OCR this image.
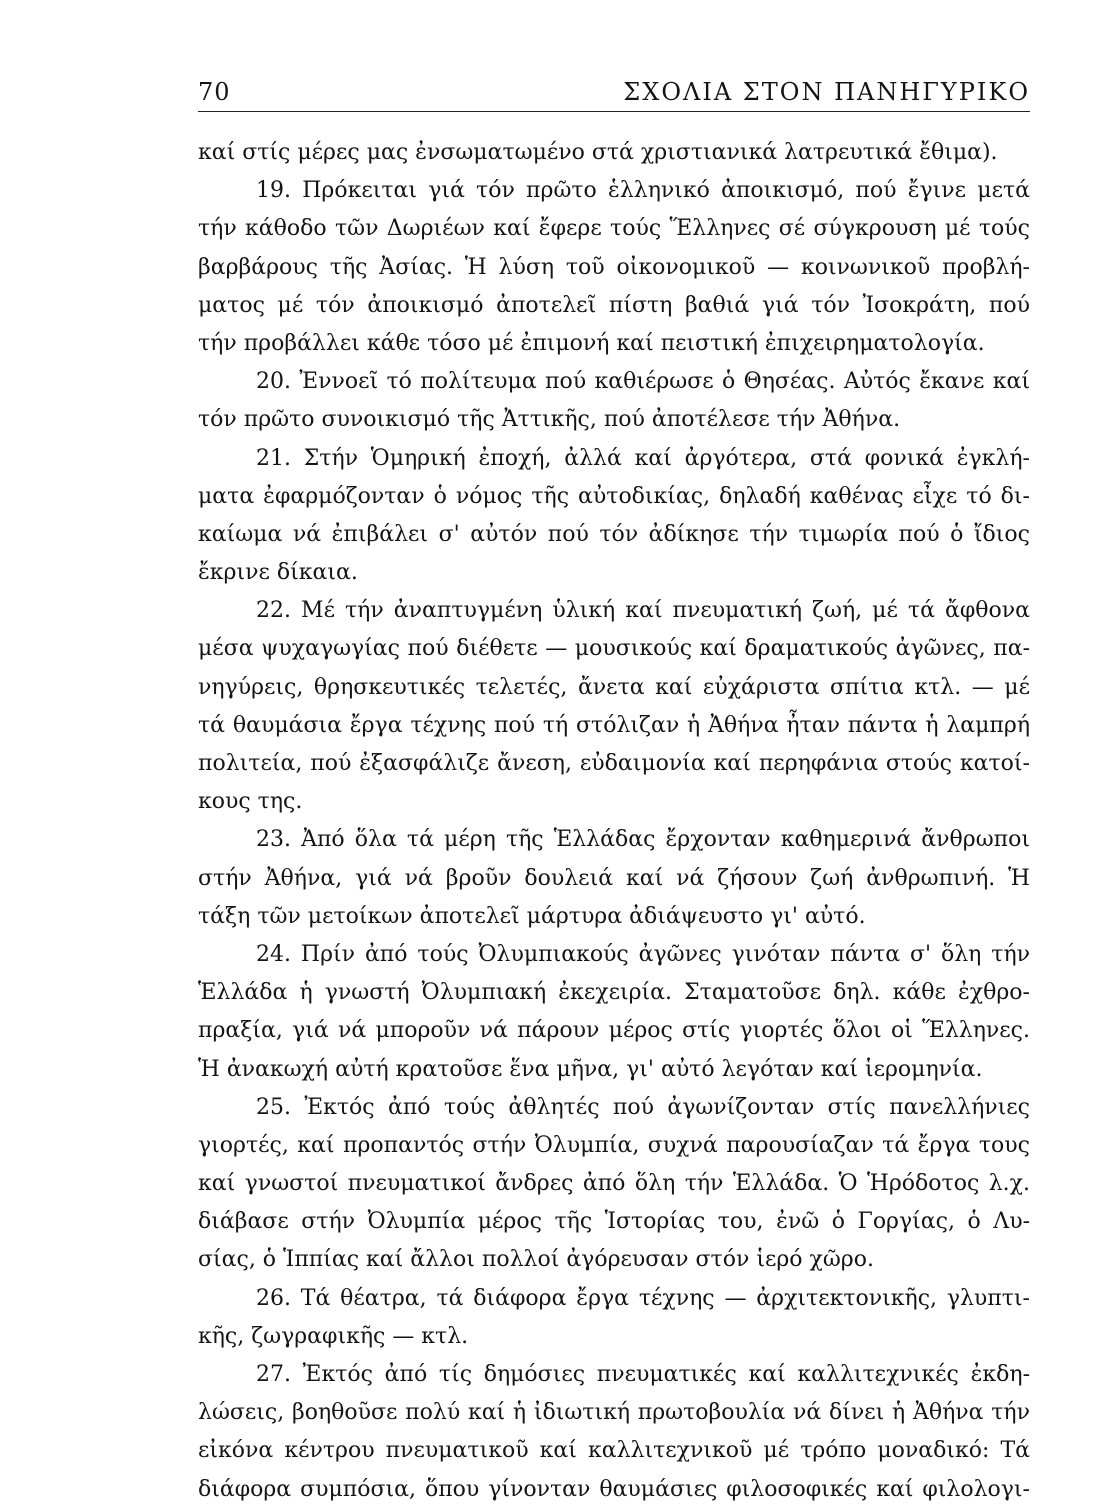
70	ΣΧΟΛΙΑ ΣΤΟΝ ΠΑΝΗΓΥΡΙΚΟ
καί στίς μέρες μας ἐνσωματωμένο στά χριστιανικά λατρευτικά ἔθιμα).
19. Πρόκειται γιά τόν πρῶτο ἑλληνικό ἀποικισμό, πού ἔγινε μετά
τήν κάθοδο τῶν Δωριέων καί ἔφερε τούς Ἕλληνες σέ σύγκρουση μέ τούς
βαρβάρους τῆς Ἀσίας. Ἡ λύση τοῦ οἰκονομικοῦ — κοινωνικοῦ προβλή-
ματος μέ τόν ἀποικισμό ἀποτελεῖ πίστη βαθιά γιά τόν Ἰσοκράτη, πού
τήν προβάλλει κάθε τόσο μέ ἐπιμονή καί πειστική ἐπιχειρηματολογία.
20. Ἐννοεῖ τό πολίτευμα πού καθιέρωσε ὁ Θησέας. Αὐτός ἔκανε καί
τόν πρῶτο συνοικισμό τῆς Ἀττικῆς, πού ἀποτέλεσε τήν Ἀθήνα.
21. Στήν Ὁμηρική ἐποχή, ἀλλά καί ἀργότερα, στά φονικά ἐγκλή-
ματα ἐφαρμόζονταν ὁ νόμος τῆς αὐτοδικίας, δηλαδή καθένας εἶχε τό δι-
καίωμα νά ἐπιβάλει σ' αὐτόν πού τόν ἀδίκησε τήν τιμωρία πού ὁ ἴδιος
ἔκρινε δίκαια.
22. Μέ τήν ἀναπτυγμένη ὑλική καί πνευματική ζωή, μέ τά ἄφθονα
μέσα ψυχαγωγίας πού διέθετε — μουσικούς καί δραματικούς ἀγῶνες, πα-
νηγύρεις, θρησκευτικές τελετές, ἄνετα καί εὐχάριστα σπίτια κτλ. — μέ
τά θαυμάσια ἔργα τέχνης πού τή στόλιζαν ἡ Ἀθήνα ἦταν πάντα ἡ λαμπρή
πολιτεία, πού ἐξασφάλιζε ἄνεση, εὐδαιμονία καί περηφάνια στούς κατοί-
κους της.
23. Ἀπό ὅλα τά μέρη τῆς Ἑλλάδας ἔρχονταν καθημερινά ἄνθρωποι
στήν Ἀθήνα, γιά νά βροῦν δουλειά καί νά ζήσουν ζωή ἀνθρωπινή. Ἡ
τάξη τῶν μετοίκων ἀποτελεῖ μάρτυρα ἀδιάψευστο γι' αὐτό.
24. Πρίν ἀπό τούς Ὀλυμπιακούς ἀγῶνες γινόταν πάντα σ' ὅλη τήν
Ἑλλάδα ἡ γνωστή Ὀλυμπιακή ἐκεχειρία. Σταματοῦσε δηλ. κάθε ἐχθρο-
πραξία, γιά νά μποροῦν νά πάρουν μέρος στίς γιορτές ὅλοι οἱ Ἕλληνες.
Ἡ ἀνακωχή αὐτή κρατοῦσε ἕνα μῆνα, γι' αὐτό λεγόταν καί ἱερομηνία.
25. Ἐκτός ἀπό τούς ἀθλητές πού ἀγωνίζονταν στίς πανελλήνιες
γιορτές, καί προπαντός στήν Ὀλυμπία, συχνά παρουσίαζαν τά ἔργα τους
καί γνωστοί πνευματικοί ἄνδρες ἀπό ὅλη τήν Ἑλλάδα. Ὁ Ἡρόδοτος λ.χ.
διάβασε στήν Ὀλυμπία μέρος τῆς Ἱστορίας του, ἐνῶ ὁ Γοργίας, ὁ Λυ-
σίας, ὁ Ἱππίας καί ἄλλοι πολλοί ἀγόρευσαν στόν ἱερό χῶρο.
26. Τά θέατρα, τά διάφορα ἔργα τέχνης — ἀρχιτεκτονικῆς, γλυπτι-
κῆς, ζωγραφικῆς — κτλ.
27. Ἐκτός ἀπό τίς δημόσιες πνευματικές καί καλλιτεχνικές ἐκδη-
λώσεις, βοηθοῦσε πολύ καί ἡ ἰδιωτική πρωτοβουλία νά δίνει ἡ Ἀθήνα τήν
εἰκόνα κέντρου πνευματικοῦ καί καλλιτεχνικοῦ μέ τρόπο μοναδικό: Τά
διάφορα συμπόσια, ὅπου γίνονταν θαυμάσιες φιλοσοφικές καί φιλολογι-
